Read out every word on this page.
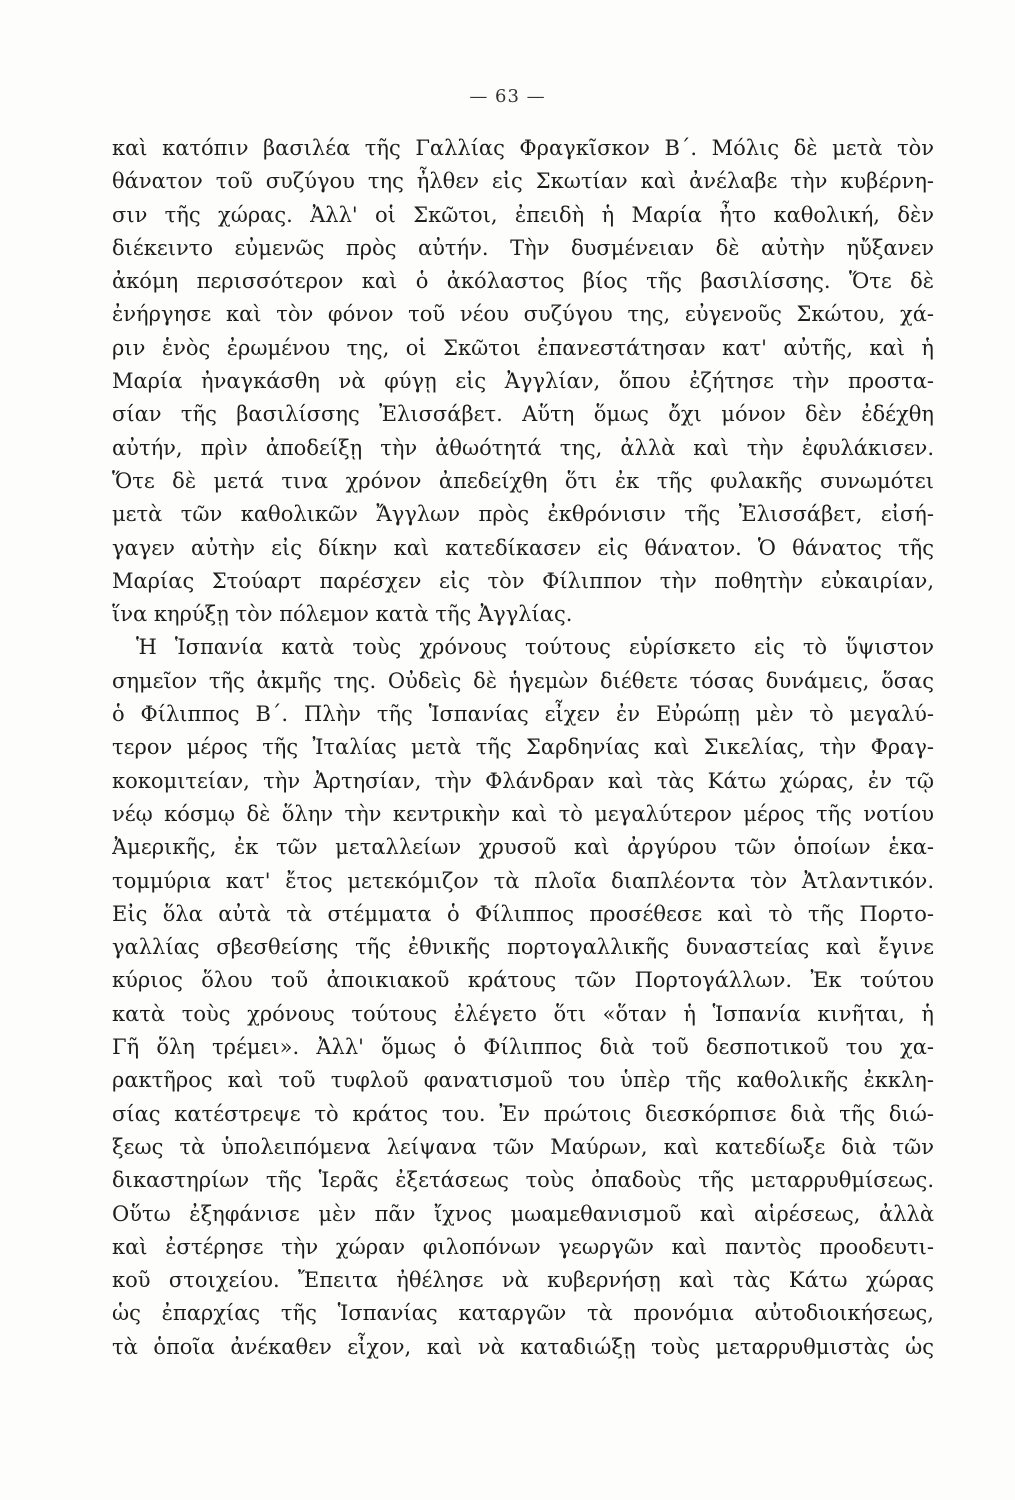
— 63 —
καὶ κατόπιν βασιλέα τῆς Γαλλίας Φραγκῖσκον Β΄. Μόλις δὲ μετὰ τὸν
θάνατον τοῦ συζύγου της ἦλθεν εἰς Σκωτίαν καὶ ἀνέλαβε τὴν κυβέρνη-
σιν τῆς χώρας. Ἀλλ' οἱ Σκῶτοι, ἐπειδὴ ἡ Μαρία ἦτο καθολική, δὲν
διέκειντο εὐμενῶς πρὸς αὐτήν. Τὴν δυσμένειαν δὲ αὐτὴν ηὔξανεν
ἀκόμη περισσότερον καὶ ὁ ἀκόλαστος βίος τῆς βασιλίσσης. Ὅτε δὲ
ἐνήργησε καὶ τὸν φόνον τοῦ νέου συζύγου της, εὐγενοῦς Σκώτου, χά-
ριν ἑνὸς ἐρωμένου της, οἱ Σκῶτοι ἐπανεστάτησαν κατ' αὐτῆς, καὶ ἡ
Μαρία ἠναγκάσθη νὰ φύγῃ εἰς Ἀγγλίαν, ὅπου ἐζήτησε τὴν προστα-
σίαν τῆς βασιλίσσης Ἐλισσάβετ. Αὕτη ὅμως ὄχι μόνον δὲν ἐδέχθη
αὐτήν, πρὶν ἀποδείξῃ τὴν ἀθωότητά της, ἀλλὰ καὶ τὴν ἐφυλάκισεν.
Ὅτε δὲ μετά τινα χρόνον ἀπεδείχθη ὅτι ἐκ τῆς φυλακῆς συνωμότει
μετὰ τῶν καθολικῶν Ἄγγλων πρὸς ἐκθρόνισιν τῆς Ἐλισσάβετ, εἰσή-
γαγεν αὐτὴν εἰς δίκην καὶ κατεδίκασεν εἰς θάνατον. Ὁ θάνατος τῆς
Μαρίας Στούαρτ παρέσχεν εἰς τὸν Φίλιππον τὴν ποθητὴν εὐκαιρίαν,
ἵνα κηρύξῃ τὸν πόλεμον κατὰ τῆς Ἀγγλίας.
Ἡ Ἱσπανία κατὰ τοὺς χρόνους τούτους εὑρίσκετο εἰς τὸ ὕψιστον
σημεῖον τῆς ἀκμῆς της. Οὐδεὶς δὲ ἡγεμὼν διέθετε τόσας δυνάμεις, ὅσας
ὁ Φίλιππος Β΄. Πλὴν τῆς Ἱσπανίας εἶχεν ἐν Εὐρώπῃ μὲν τὸ μεγαλύ-
τερον μέρος τῆς Ἰταλίας μετὰ τῆς Σαρδηνίας καὶ Σικελίας, τὴν Φραγ-
κοκομιτείαν, τὴν Ἀρτησίαν, τὴν Φλάνδραν καὶ τὰς Κάτω χώρας, ἐν τῷ
νέῳ κόσμῳ δὲ ὅλην τὴν κεντρικὴν καὶ τὸ μεγαλύτερον μέρος τῆς νοτίου
Ἀμερικῆς, ἐκ τῶν μεταλλείων χρυσοῦ καὶ ἀργύρου τῶν ὁποίων ἑκα-
τομμύρια κατ' ἔτος μετεκόμιζον τὰ πλοῖα διαπλέοντα τὸν Ἀτλαντικόν.
Εἰς ὅλα αὐτὰ τὰ στέμματα ὁ Φίλιππος προσέθεσε καὶ τὸ τῆς Πορτο-
γαλλίας σβεσθείσης τῆς ἐθνικῆς πορτογαλλικῆς δυναστείας καὶ ἔγινε
κύριος ὅλου τοῦ ἀποικιακοῦ κράτους τῶν Πορτογάλλων. Ἐκ τούτου
κατὰ τοὺς χρόνους τούτους ἐλέγετο ὅτι «ὅταν ἡ Ἱσπανία κινῆται, ἡ
Γῆ ὅλη τρέμει». Ἀλλ' ὅμως ὁ Φίλιππος διὰ τοῦ δεσποτικοῦ του χα-
ρακτῆρος καὶ τοῦ τυφλοῦ φανατισμοῦ του ὑπὲρ τῆς καθολικῆς ἐκκλη-
σίας κατέστρεψε τὸ κράτος του. Ἐν πρώτοις διεσκόρπισε διὰ τῆς διώ-
ξεως τὰ ὑπολειπόμενα λείψανα τῶν Μαύρων, καὶ κατεδίωξε διὰ τῶν
δικαστηρίων τῆς Ἱερᾶς ἐξετάσεως τοὺς ὀπαδοὺς τῆς μεταρρυθμίσεως.
Οὕτω ἐξηφάνισε μὲν πᾶν ἴχνος μωαμεθανισμοῦ καὶ αἱρέσεως, ἀλλὰ
καὶ ἐστέρησε τὴν χώραν φιλοπόνων γεωργῶν καὶ παντὸς προοδευτι-
κοῦ στοιχείου. Ἔπειτα ἠθέλησε νὰ κυβερνήσῃ καὶ τὰς Κάτω χώρας
ὡς ἐπαρχίας τῆς Ἱσπανίας καταργῶν τὰ προνόμια αὐτοδιοικήσεως,
τὰ ὁποῖα ἀνέκαθεν εἶχον, καὶ νὰ καταδιώξῃ τοὺς μεταρρυθμιστὰς ὡς
